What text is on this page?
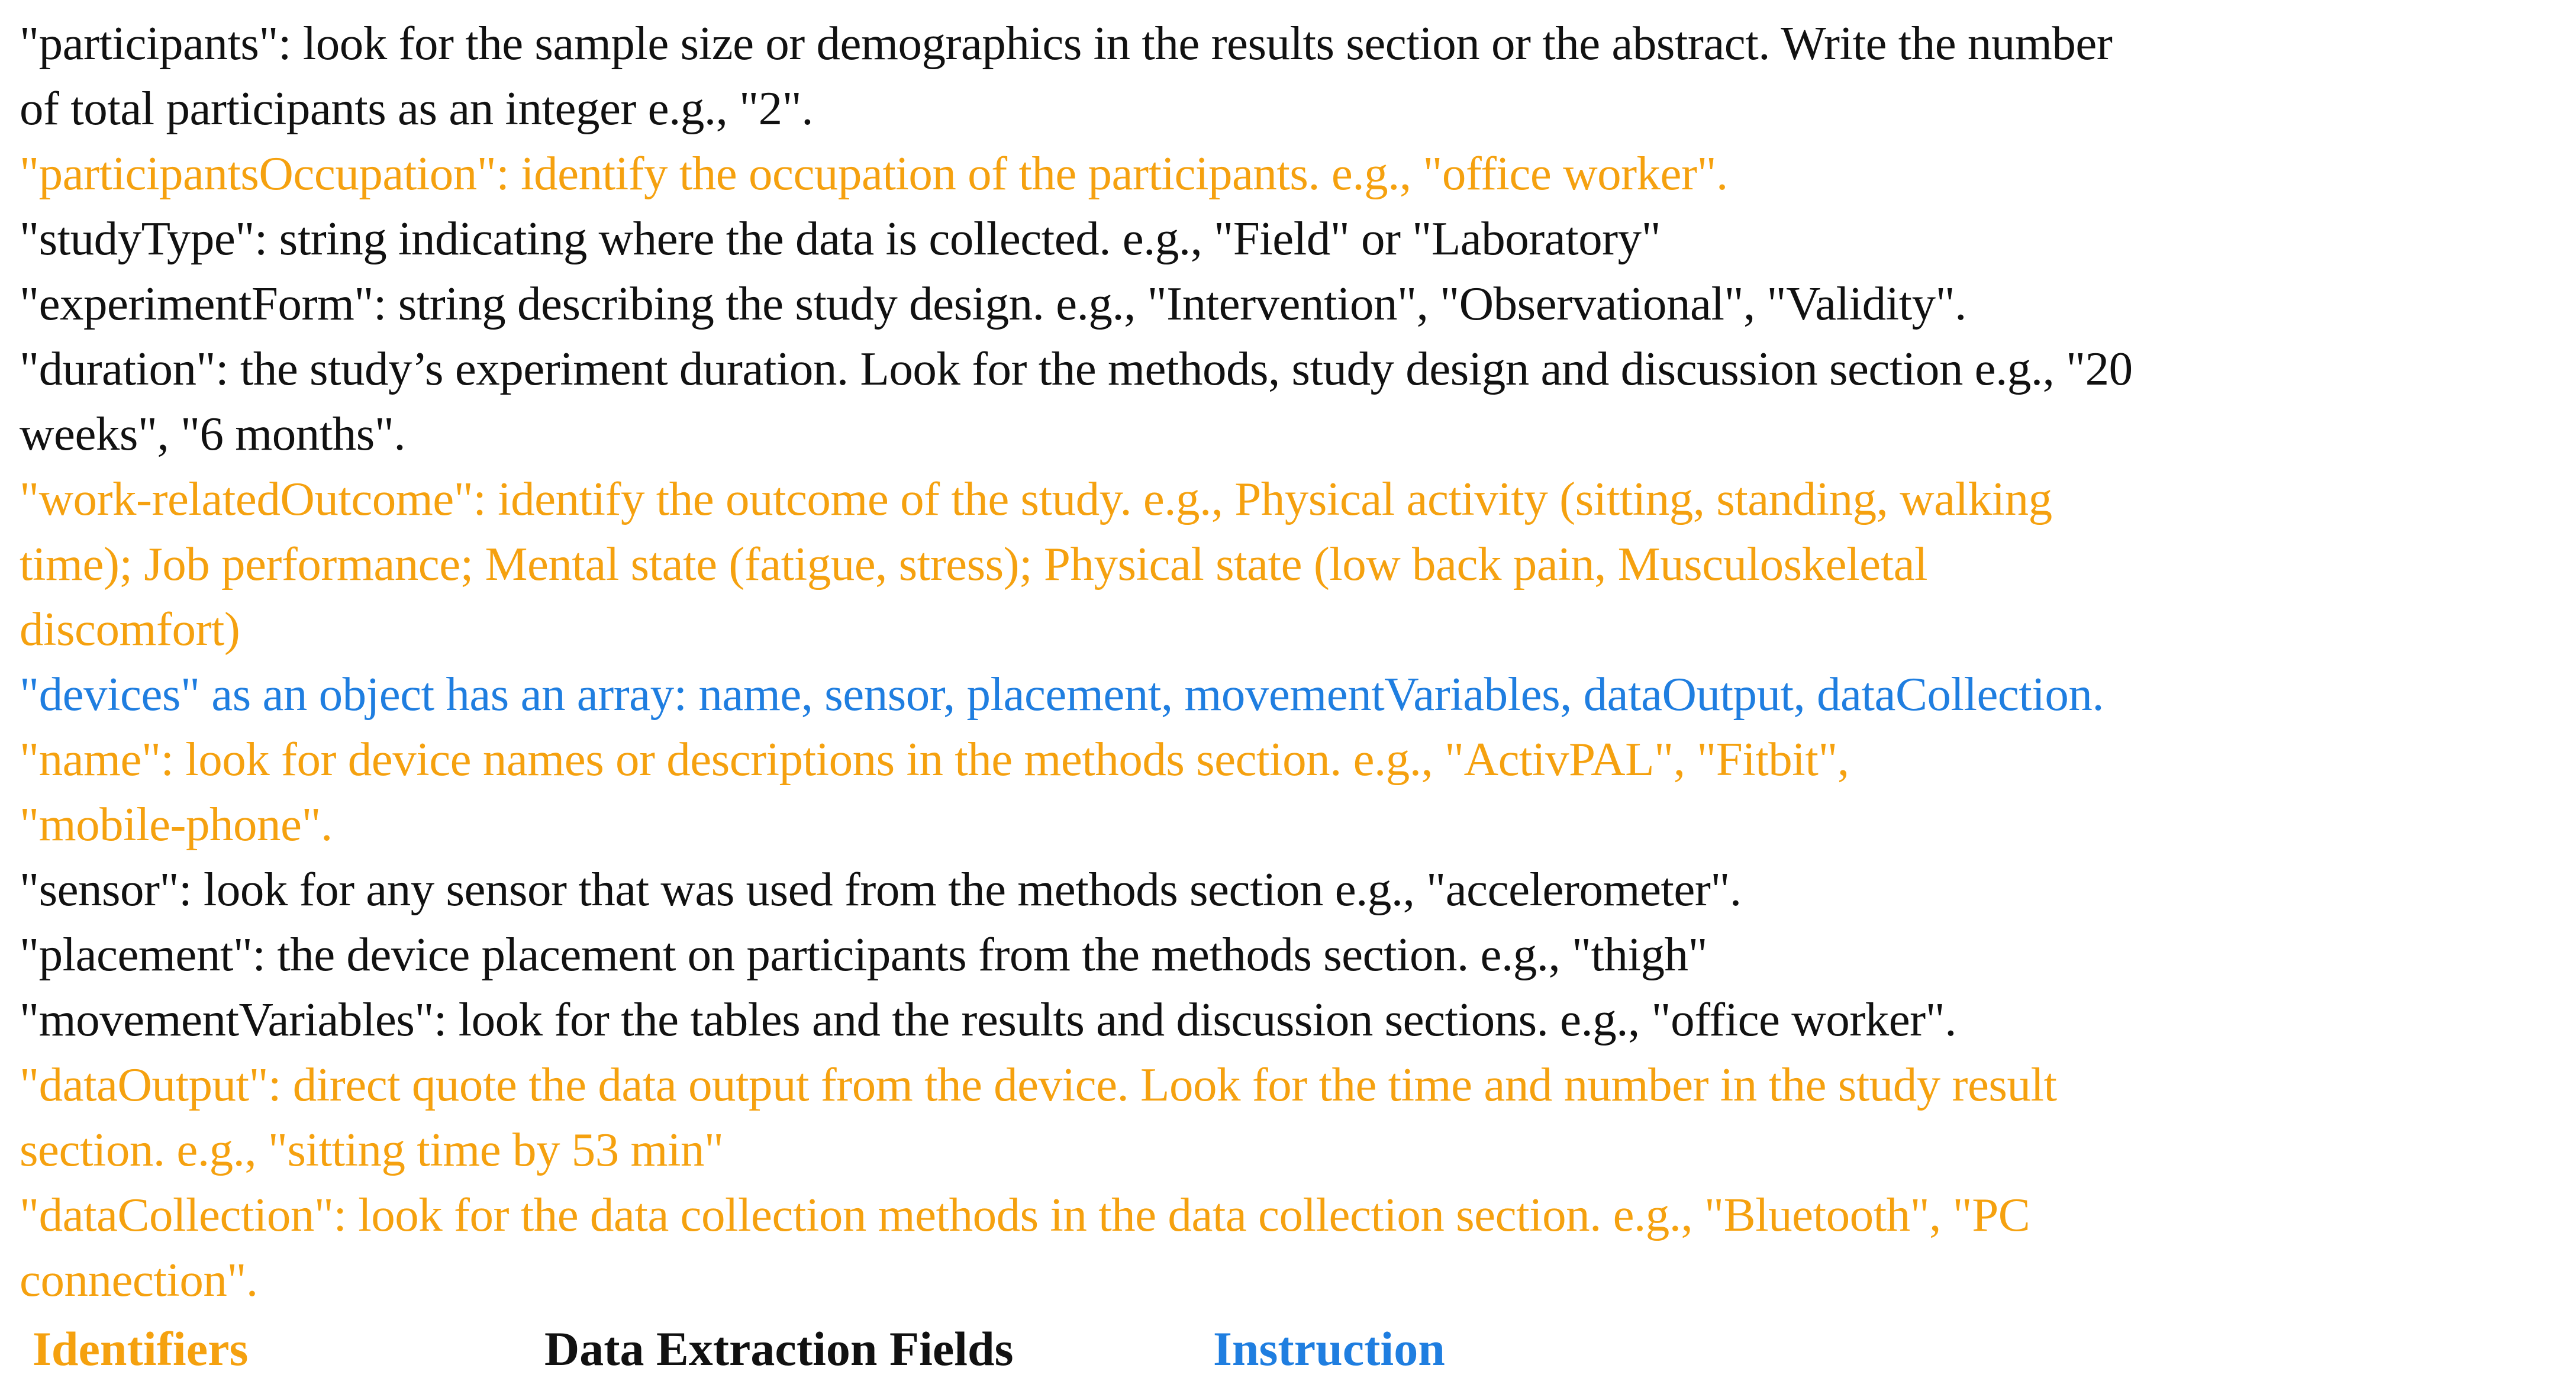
"participants": look for the sample size or demographics in the results section or the abstract. Write the number

of total participants as an integer e.g., "2".

"participantsOccupation": identify the occupation of the participants. e.g., "office worker".

"studyType": string indicating where the data is collected. e.g., "Field" or "Laboratory"

"experimentForm": string describing the study design. e.g., "Intervention", "Observational", "Validity".

"duration": the study’s experiment duration. Look for the methods, study design and discussion section e.g., "20

weeks", "6 months".

"work-relatedOutcome": identify the outcome of the study. e.g., Physical activity (sitting, standing, walking

time); Job performance; Mental state (fatigue, stress); Physical state (low back pain, Musculoskeletal

discomfort)

"devices" as an object has an array: name, sensor, placement, movementVariables, dataOutput, dataCollection.

"name": look for device names or descriptions in the methods section. e.g., "ActivPAL", "Fitbit",

"mobile-phone".

"sensor": look for any sensor that was used from the methods section e.g., "accelerometer".

"placement": the device placement on participants from the methods section. e.g., "thigh"

"movementVariables": look for the tables and the results and discussion sections. e.g., "office worker".

"dataOutput": direct quote the data output from the device. Look for the time and number in the study result

section. e.g., "sitting time by 53 min"

"dataCollection": look for the data collection methods in the data collection section. e.g., "Bluetooth", "PC

connection".

Identifiers	Data Extraction Fields	Instruction
